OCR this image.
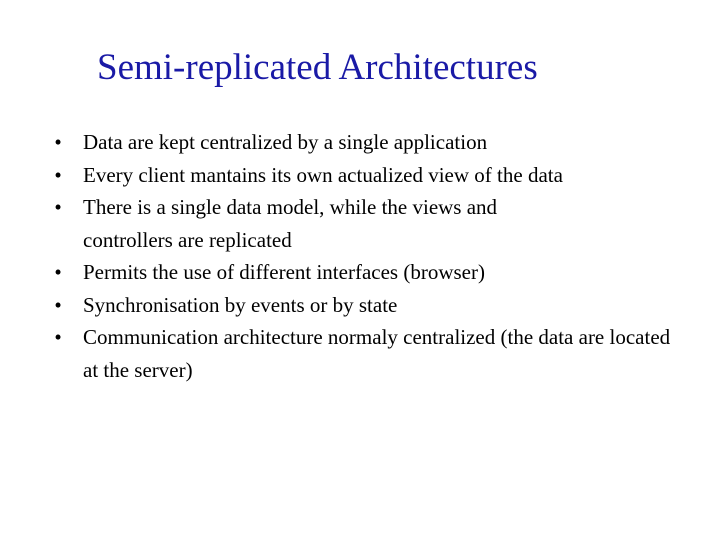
Semi-replicated Architectures
• Data are kept centralized by a single application
• Every client mantains its own actualized view of the data
• There is a single data model, while the views and controllers are replicated
• Permits the use of different interfaces (browser)
• Synchronisation by events or by state
• Communication architecture normaly centralized (the data are located at the server)
